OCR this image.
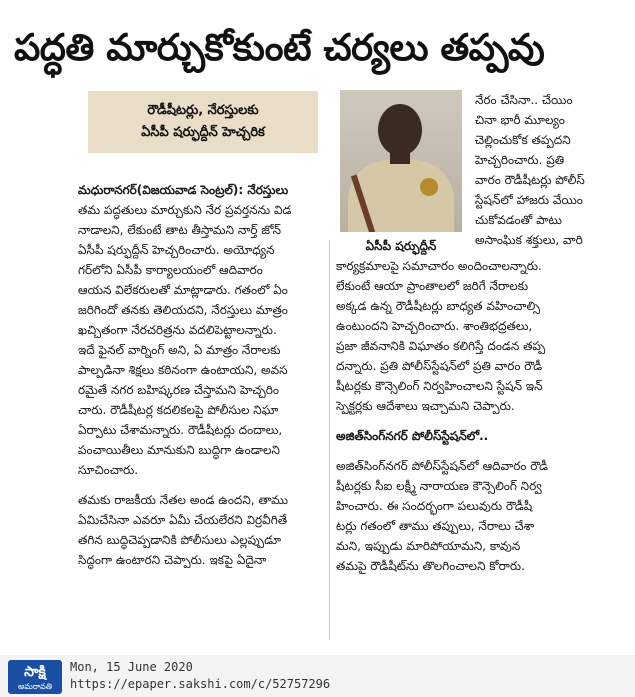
పద్ధతి మార్చుకోకుంటే చర్యలు తప్పవు
రౌడీషీటర్లు, నేరస్తులకు
ఏసీపీ షర్ఫుద్దీన్ హెచ్చరిక
ఏసీపీ షర్ఫుద్దీన్

మధురానగర్(విజయవాడ సెంట్రల్): నేరస్తులు

తమ పద్ధతులు మార్చుకుని నేర ప్రవర్తనను విడ

నాడాలని, లేకుంటే తాట తీస్తామని నార్త్ జోన్

ఏసీపీ షర్ఫుద్దీన్ హెచ్చరించారు. అయోధ్యన

గర్‌లోని ఏసీపీ కార్యాలయంలో ఆదివారం

ఆయన విలేకరులతో మాట్లాడారు. గతంలో ఏం

జరిగిందో తనకు తెలియదని, నేరస్తులు మాత్రం

ఖచ్చితంగా నేరచరిత్రను వదలిపెట్టాలన్నారు.

ఇదే ఫైనల్ వార్నింగ్ అని, ఏ మాత్రం నేరాలకు

పాల్పడినా శిక్షలు కఠినంగా ఉంటాయని, అవస

రమైతే నగర బహిష్కరణ చేస్తామని హెచ్చరిం

చారు. రౌడీషీటర్ల కదలికలపై పోలీసుల నిఘా

ఏర్పాటు చేశామన్నారు. రౌడీషీటర్లు దందాలు,

పంచాయితీలు మానుకుని బుద్ధిగా ఉండాలని

సూచించారు.

తమకు రాజకీయ నేతల అండ ఉందని, తాము

ఏమిచేసినా ఎవరూ ఏమీ చేయలేరని విర్రవీగితే

తగిన బుద్ధిచెప్పడానికి పోలీసులు ఎల్లప్పుడూ

సిద్ధంగా ఉంటారని చెప్పారు. ఇకపై ఏదైనా

నేరం చేసినా.. చేయిం

చినా భారీ మూల్యం

చెల్లించుకోక తప్పదని

హెచ్చరించారు. ప్రతి

వారం రౌడీషీటర్లు పోలీస్

స్టేషన్‌లో హాజరు వేయిం

చుకోవడంతో పాటు

అసాంఘిక శక్తులు, వారి

కార్యక్రమాలపై సమాచారం అందించాలన్నారు.

లేకుంటే ఆయా ప్రాంతాలలో జరిగే నేరాలకు

అక్కడ ఉన్న రౌడీషీటర్లు బాధ్యత వహించాల్సి

ఉంటుందని హెచ్చరించారు. శాంతిభద్రతలు,

ప్రజా జీవనానికి విఘాతం కలిగిస్తే దండన తప్ప

దన్నారు. ప్రతి పోలీస్‌స్టేషన్‌లో ప్రతి వారం రౌడీ

షీటర్లకు కౌన్సెలింగ్ నిర్వహించాలని స్టేషన్ ఇన్

స్పెక్టర్లకు ఆదేశాలు ఇచ్చామని చెప్పారు.

అజిత్‌సింగ్‌నగర్ పోలీస్‌స్టేషన్‌లో..

అజిత్‌సింగ్‌నగర్ పోలీస్‌స్టేషన్‌లో ఆదివారం రౌడీ

షీటర్లకు సీఐ లక్ష్మీ నారాయణ కౌన్సెలింగ్ నిర్వ

హించారు. ఈ సందర్భంగా పలువురు రౌడీషీ

టర్లు గతంలో తాము తప్పులు, నేరాలు చేశా

మని, ఇప్పుడు మారిపోయామని, కావున

తమపై రౌడీషీట్‌ను తొలగించాలని కోరారు.

సాక్షి
అమరావతి
Mon, 15 June 2020
https://epaper.sakshi.com/c/52757296
